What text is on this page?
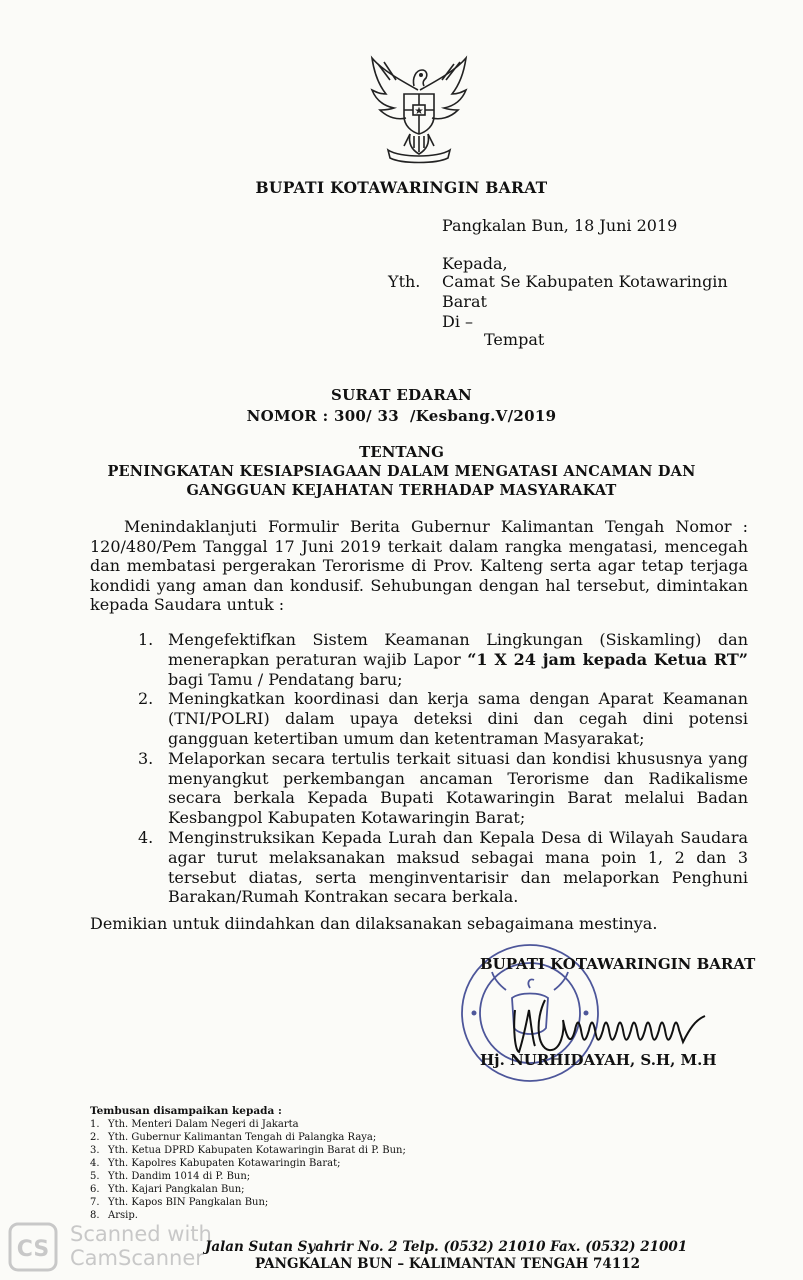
BUPATI KOTAWARINGIN BARAT
Pangkalan Bun, 18 Juni 2019
Kepada,
Yth. Camat Se Kabupaten Kotawaringin
Barat
Di –
Tempat
SURAT EDARAN
NOMOR : 300/ 33  /Kesbang.V/2019
TENTANG
PENINGKATAN KESIAPSIAGAAN DALAM MENGATASI ANCAMAN DAN
GANGGUAN KEJAHATAN TERHADAP MASYARAKAT

Menindaklanjuti Formulir Berita Gubernur Kalimantan Tengah Nomor : 120/480/Pem Tanggal 17 Juni 2019 terkait dalam rangka mengatasi, mencegah dan membatasi pergerakan Terorisme di Prov. Kalteng serta agar tetap terjaga kondidi yang aman dan kondusif. Sehubungan dengan hal tersebut, dimintakan kepada Saudara untuk :

1. Mengefektifkan Sistem Keamanan Lingkungan (Siskamling) dan menerapkan peraturan wajib Lapor “1 X 24 jam kepada Ketua RT” bagi Tamu / Pendatang baru;
2. Meningkatkan koordinasi dan kerja sama dengan Aparat Keamanan (TNI/POLRI) dalam upaya deteksi dini dan cegah dini potensi gangguan ketertiban umum dan ketentraman Masyarakat;
3. Melaporkan secara tertulis terkait situasi dan kondisi khususnya yang menyangkut perkembangan ancaman Terorisme dan Radikalisme secara berkala Kepada Bupati Kotawaringin Barat melalui Badan Kesbangpol Kabupaten Kotawaringin Barat;
4. Menginstruksikan Kepada Lurah dan Kepala Desa di Wilayah Saudara agar turut melaksanakan maksud sebagai mana poin 1, 2 dan 3 tersebut diatas, serta menginventarisir dan melaporkan Penghuni Barakan/Rumah Kontrakan secara berkala.
Demikian untuk diindahkan dan dilaksanakan sebagaimana mestinya.
BUPATI KOTAWARINGIN BARAT
Hj. NURHIDAYAH, S.H, M.H
Tembusan disampaikan kepada :
1. Yth. Menteri Dalam Negeri di Jakarta
2. Yth. Gubernur Kalimantan Tengah di Palangka Raya;
3. Yth. Ketua DPRD Kabupaten Kotawaringin Barat di P. Bun;
4. Yth. Kapolres Kabupaten Kotawaringin Barat;
5. Yth. Dandim 1014 di P. Bun;
6. Yth. Kajari Pangkalan Bun;
7. Yth. Kapos BIN Pangkalan Bun;
8. Arsip.
CS
Scanned with
CamScanner Jalan Sutan Syahrir No. 2 Telp. (0532) 21010 Fax. (0532) 21001
PANGKALAN BUN – KALIMANTAN TENGAH 74112
